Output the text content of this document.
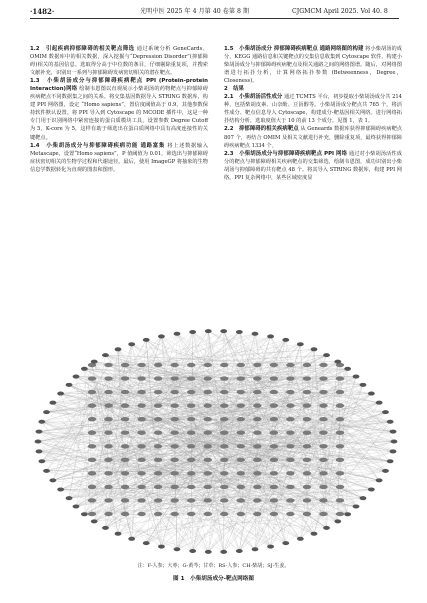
·1482·	光明中医 2025 年 4 月第 40 卷第 8 期	CJGMCM April 2025. Vol 40. 8

1.2　引起疾病抑郁障碍的相关靶点筛选 通过系统分析 GeneCards、OMIM 数据库中的相关数据，深入挖掘与“Depression Disorder”(抑郁障碍)相关的基因信息。选取得分高于中位数的条目，仔细剔除重复项，并搜索文献补充，识别出一系列与抑郁障碍发病密切相关的潜在靶点。

1.3　小柴胡汤成分与抑郁障碍疾病靶点 PPI (Protein-protein Interaction)网络 绘制韦恩图以直观展示小柴胡汤的药物靶点与抑郁障碍疾病靶点不同数据集之间的关系。将交集基因数据导入 STRING 数据库，构建 PPI 网络图，设定 “Homo sapiens”，置信度阈值高于 0.9，其他参数保持软件默认设置。将 PPI 导入到 Cytoscape 的 MCODE 插件中，这是一种专门用于识别网络中紧密连接的蛋白质模块工具，设置参数 Degree Cutoff 为 5，K-core 为 5，这样有助于筛选出在蛋白质网络中具有高度连接性的关键靶点。

1.4　小柴胡汤成分与抑郁障碍疾病功能 通路富集 将上述数据输入 Metascape，设置“Homo sapiens”，P 值阈值为 0.01，筛选出与抑郁障碍症状密切相关的生物学过程和代谢途径。最后，使用 ImageGP 将抽象的生物信息学数据转化为直观的图表和图形。

1.5　小柴胡汤成分 抑郁障碍疾病靶点 通路网络图的构建 将小柴胡汤的成分、KEGG 通路信息和关键靶点的交集信息收集到 Cytoscape 软件，构建小柴胡汤成分与抑郁障碍疾病靶点及相关通路之间的网络图谱。随后，对网络图谱进行拓扑分析，计算网络拓扑参数 (Betweenness，Degree，Closeness)。

2　结果

2.1　小柴胡汤活性成分 通过 TCMTS 平台，初步提取小柴胡汤成分共 214 种，包括柴胡皮素、山奈酚、豆甾醇等。小柴胡汤成分靶点共 765 个，将活性成分、靶点信息导入 Cytoscape，构建成分-靶基因相关网络。进行网络拓扑结构分析，选取度值大于 10 的前 13 个成分。见图 1，表 1。

2.2　抑郁障碍的相关疾病靶点 从 Geneards 数据库获得抑郁障碍疾病靶点 807 个，再结合 OMIM 及相关文献进行补充，删除重复项，最终获得抑郁障碍疾病靶点 1334 个。

2.3　小柴胡汤成分与抑郁障碍疾病靶点 PPI 网络 通过对小柴胡汤活性成分的靶点与抑郁障碍相关疾病靶点的交集筛选，绘制韦恩图，成功识别出小柴胡汤与抑郁障碍的共有靶点 48 个。将其导入 STRING 数据库，构建 PPI 网络。PPI 复杂网络中，某些区域密度显

注：F-人参；大枣；G-黄芩；甘草；RS-人参；CH-柴胡；SJ-生姜。
图 1　小柴胡汤成分-靶点网络图
